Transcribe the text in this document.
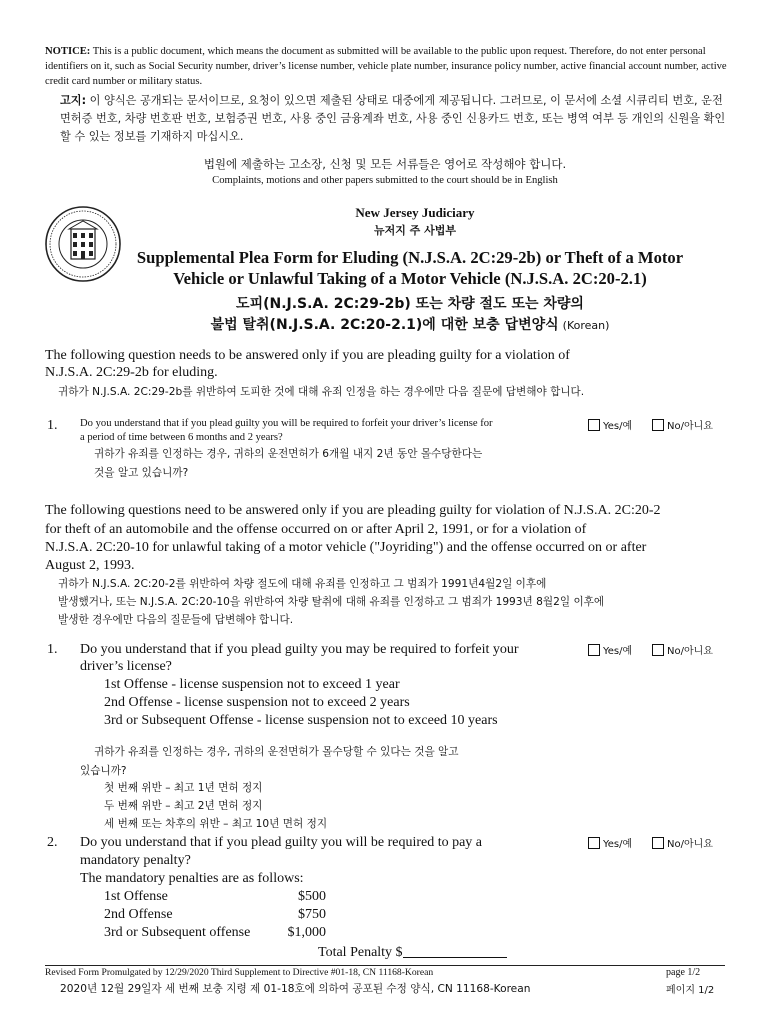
NOTICE: This is a public document, which means the document as submitted will be available to the public upon request. Therefore, do not enter personal identifiers on it, such as Social Security number, driver’s license number, vehicle plate number, insurance policy number, active financial account number, active credit card number or military status.
고지: 이 양식은 공개되는 문서이므로, 요청이 있으면 제출된 상태로 대중에게 제공됩니다. 그러므로, 이 문서에 소셜 시큐리티 번호, 운전면허증 번호, 차량 번호판 번호, 보험증권 번호, 사용 중인 금융계좌 번호, 사용 중인 신용카드 번호, 또는 병역 여부 등 개인의 신원을 확인할 수 있는 정보를 기재하지 마십시오.
법원에 제출하는 고소장, 신청 및 모든 서류들은 영어로 작성해야 합니다.
Complaints, motions and other papers submitted to the court should be in English
New Jersey Judiciary
뉴저지 주 사법부
Supplemental Plea Form for Eluding (N.J.S.A. 2C:29-2b) or Theft of a Motor
Vehicle or Unlawful Taking of a Motor Vehicle (N.J.S.A. 2C:20-2.1)
도피(N.J.S.A. 2C:29-2b) 또는 차량 절도 또는 차량의
불법 탈취(N.J.S.A. 2C:20-2.1)에 대한 보충 답변양식 (Korean)
The following question needs to be answered only if you are pleading guilty for a violation of
N.J.S.A. 2C:29-2b for eluding.
귀하가 N.J.S.A. 2C:29-2b를 위반하여 도피한 것에 대해 유죄 인정을 하는 경우에만 다음 질문에 답변해야 합니다.
1. Do you understand that if you plead guilty you will be required to forfeit your driver’s license for
a period of time between 6 months and 2 years?
귀하가 유죄를 인정하는 경우, 귀하의 운전면허가 6개월 내지 2년 동안 몰수당한다는
것을 알고 있습니까?
Yes/예	No/아니요
The following questions need to be answered only if you are pleading guilty for violation of N.J.S.A. 2C:20-2
for theft of an automobile and the offense occurred on or after April 2, 1991, or for a violation of
N.J.S.A. 2C:20-10 for unlawful taking of a motor vehicle ("Joyriding") and the offense occurred on or after
August 2, 1993.
귀하가 N.J.S.A. 2C:20-2를 위반하여 차량 절도에 대해 유죄를 인정하고 그 범죄가 1991년4월2일 이후에
발생했거나, 또는 N.J.S.A. 2C:20-10을 위반하여 차량 탈취에 대해 유죄를 인정하고 그 범죄가 1993년 8월2일 이후에
발생한 경우에만 다음의 질문들에 답변해야 합니다.
1. Do you understand that if you plead guilty you may be required to forfeit your
driver’s license?
1st Offense - license suspension not to exceed 1 year
2nd Offense - license suspension not to exceed 2 years
3rd or Subsequent Offense - license suspension not to exceed 10 years
귀하가 유죄를 인정하는 경우, 귀하의 운전면허가 몰수당할 수 있다는 것을 알고
있습니까?
첫 번째 위반 – 최고 1년 면허 정지
두 번째 위반 – 최고 2년 면허 정지
세 번째 또는 차후의 위반 – 최고 10년 면허 정지
Yes/예	No/아니요
2. Do you understand that if you plead guilty you will be required to pay a
mandatory penalty?
The mandatory penalties are as follows:
1st Offense	$500
2nd Offense	$750
3rd or Subsequent offense	$1,000
Total Penalty $
Yes/예	No/아니요
Revised Form Promulgated by 12/29/2020 Third Supplement to Directive #01-18, CN 11168-Korean
2020년 12월 29일자 세 번째 보충 지령 제 01-18호에 의하여 공포된 수정 양식, CN 11168-Korean
page 1/2
페이지 1/2
